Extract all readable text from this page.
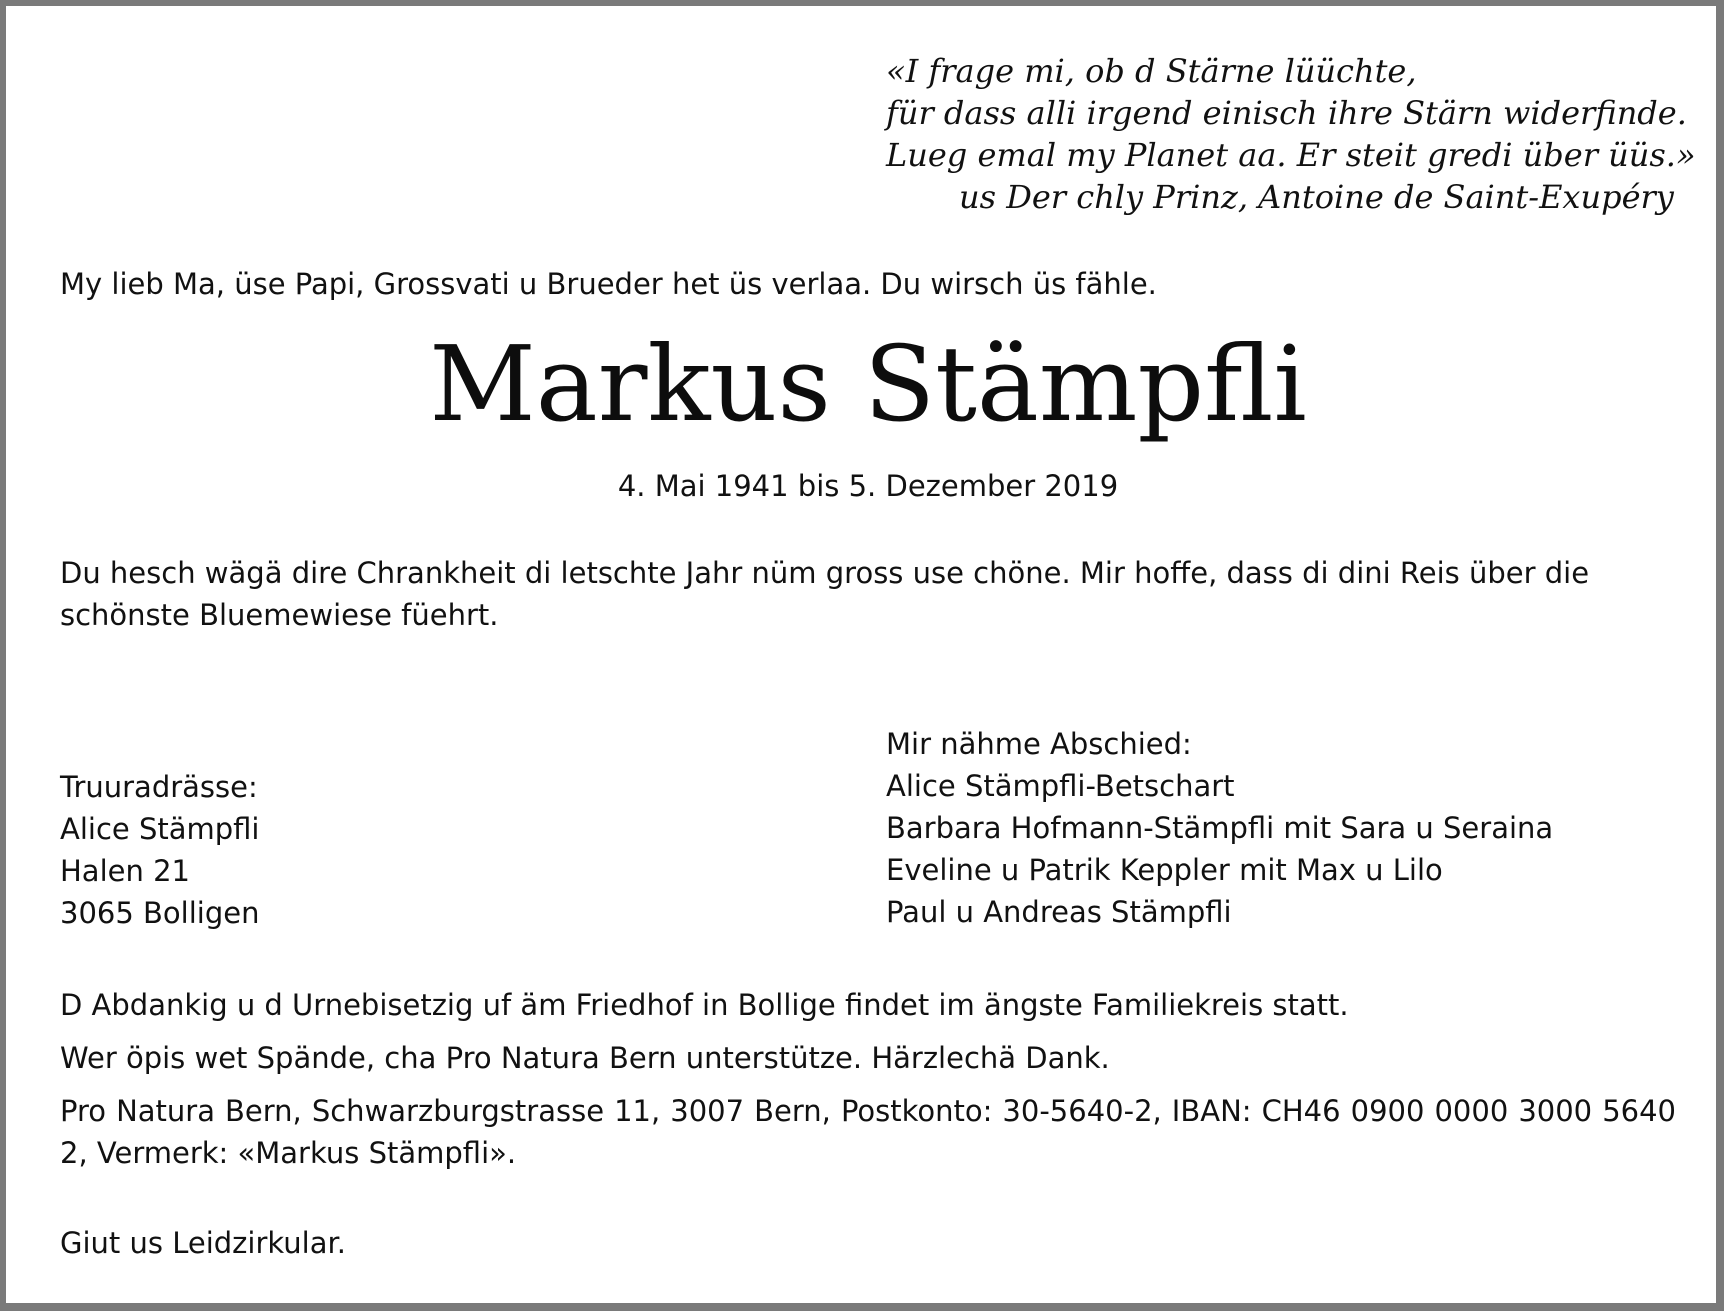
«I frage mi, ob d Stärne lüüchte,
für dass alli irgend einisch ihre Stärn widerfinde.
Lueg emal my Planet aa. Er steit gredi über üüs.»
us Der chly Prinz, Antoine de Saint-Exupéry
My lieb Ma, üse Papi, Grossvati u Brueder het üs verlaa. Du wirsch üs fähle.
Markus Stämpfli
4. Mai 1941 bis 5. Dezember 2019
Du hesch wägä dire Chrankheit di letschte Jahr nüm gross use chöne. Mir hoffe, dass di dini Reis über die schönste Bluemewiese füehrt.
Truuradrässe:
Alice Stämpfli
Halen 21
3065 Bolligen
Mir nähme Abschied:
Alice Stämpfli-Betschart
Barbara Hofmann-Stämpfli mit Sara u Seraina
Eveline u Patrik Keppler mit Max u Lilo
Paul u Andreas Stämpfli
D Abdankig u d Urnebisetzig uf äm Friedhof in Bollige findet im ängste Familiekreis statt.
Wer öpis wet Spände, cha Pro Natura Bern unterstütze. Härzlechä Dank.
Pro Natura Bern, Schwarzburgstrasse 11, 3007 Bern, Postkonto: 30-5640-2, IBAN: CH46 0900 0000 3000 5640 2, Vermerk: «Markus Stämpfli».
Giut us Leidzirkular.
